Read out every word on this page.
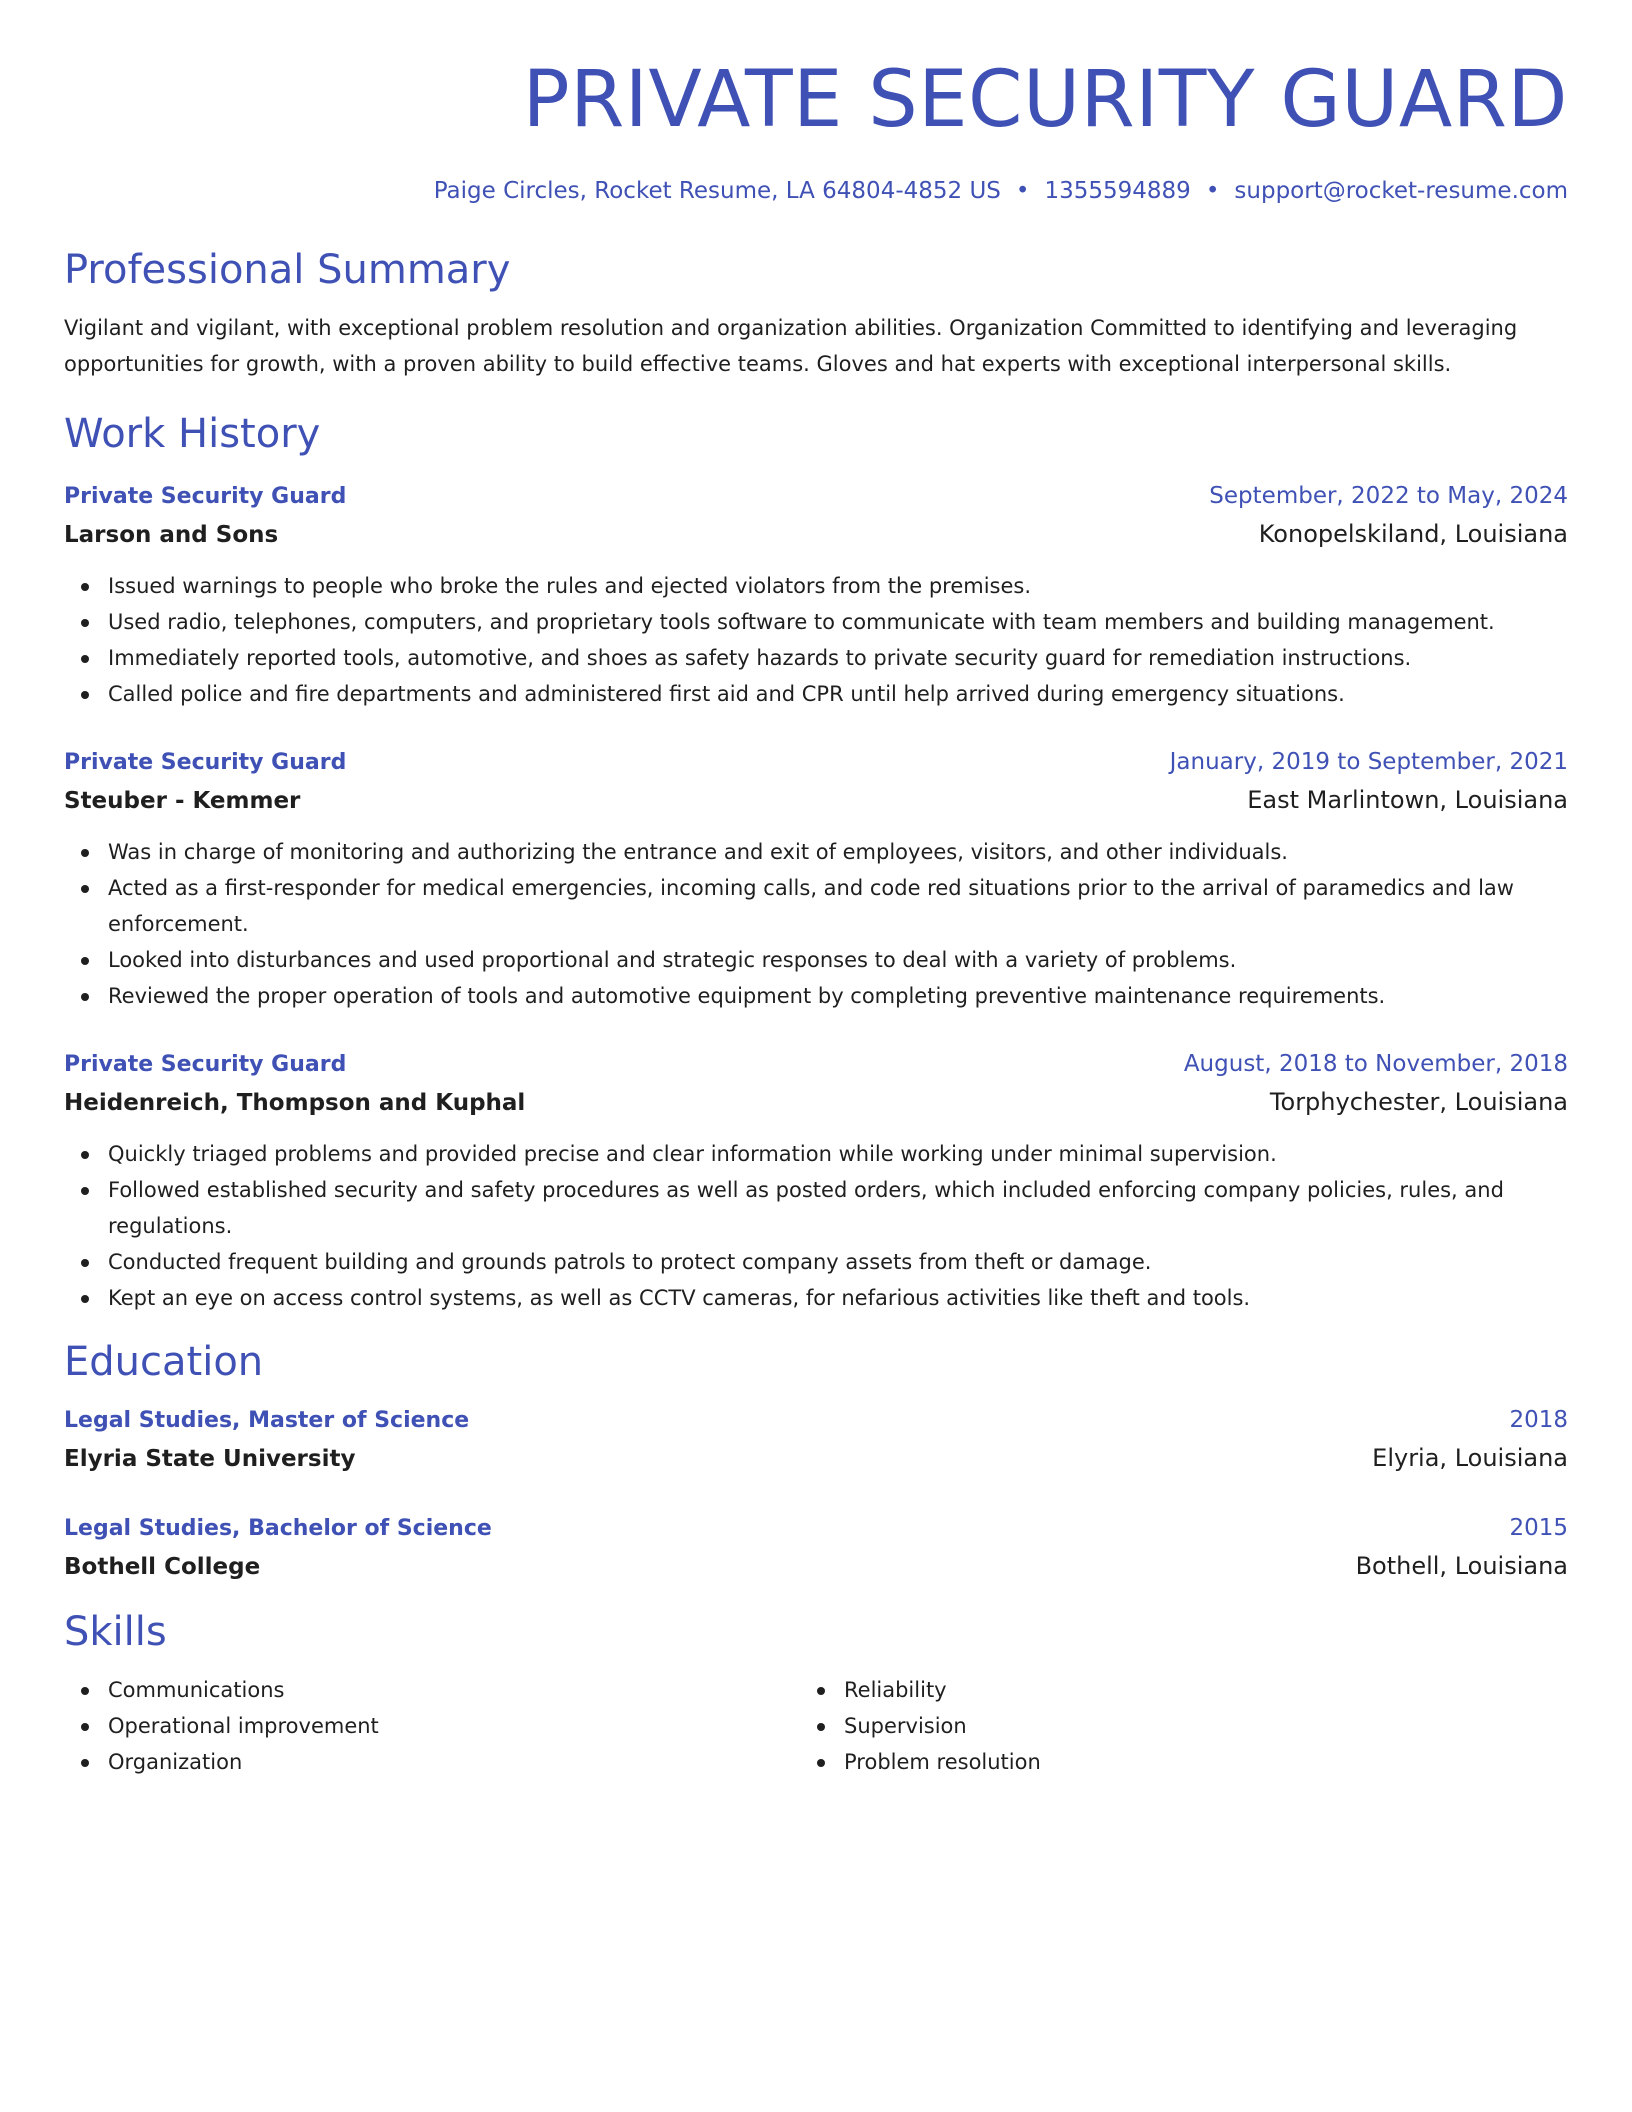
PRIVATE SECURITY GUARD
Paige Circles, Rocket Resume, LA 64804-4852 US • 1355594889 • support@rocket-resume.com
Professional Summary
Vigilant and vigilant, with exceptional problem resolution and organization abilities. Organization Committed to identifying and leveraging opportunities for growth, with a proven ability to build effective teams. Gloves and hat experts with exceptional interpersonal skills.
Work History
Private Security Guard	September, 2022 to May, 2024
Larson and Sons	Konopelskiland, Louisiana
Issued warnings to people who broke the rules and ejected violators from the premises.
Used radio, telephones, computers, and proprietary tools software to communicate with team members and building management.
Immediately reported tools, automotive, and shoes as safety hazards to private security guard for remediation instructions.
Called police and fire departments and administered first aid and CPR until help arrived during emergency situations.
Private Security Guard	January, 2019 to September, 2021
Steuber - Kemmer	East Marlintown, Louisiana
Was in charge of monitoring and authorizing the entrance and exit of employees, visitors, and other individuals.
Acted as a first-responder for medical emergencies, incoming calls, and code red situations prior to the arrival of paramedics and law enforcement.
Looked into disturbances and used proportional and strategic responses to deal with a variety of problems.
Reviewed the proper operation of tools and automotive equipment by completing preventive maintenance requirements.
Private Security Guard	August, 2018 to November, 2018
Heidenreich, Thompson and Kuphal	Torphychester, Louisiana
Quickly triaged problems and provided precise and clear information while working under minimal supervision.
Followed established security and safety procedures as well as posted orders, which included enforcing company policies, rules, and regulations.
Conducted frequent building and grounds patrols to protect company assets from theft or damage.
Kept an eye on access control systems, as well as CCTV cameras, for nefarious activities like theft and tools.
Education
Legal Studies, Master of Science	2018
Elyria State University	Elyria, Louisiana
Legal Studies, Bachelor of Science	2015
Bothell College	Bothell, Louisiana
Skills
Communications
Operational improvement
Organization
Reliability
Supervision
Problem resolution
